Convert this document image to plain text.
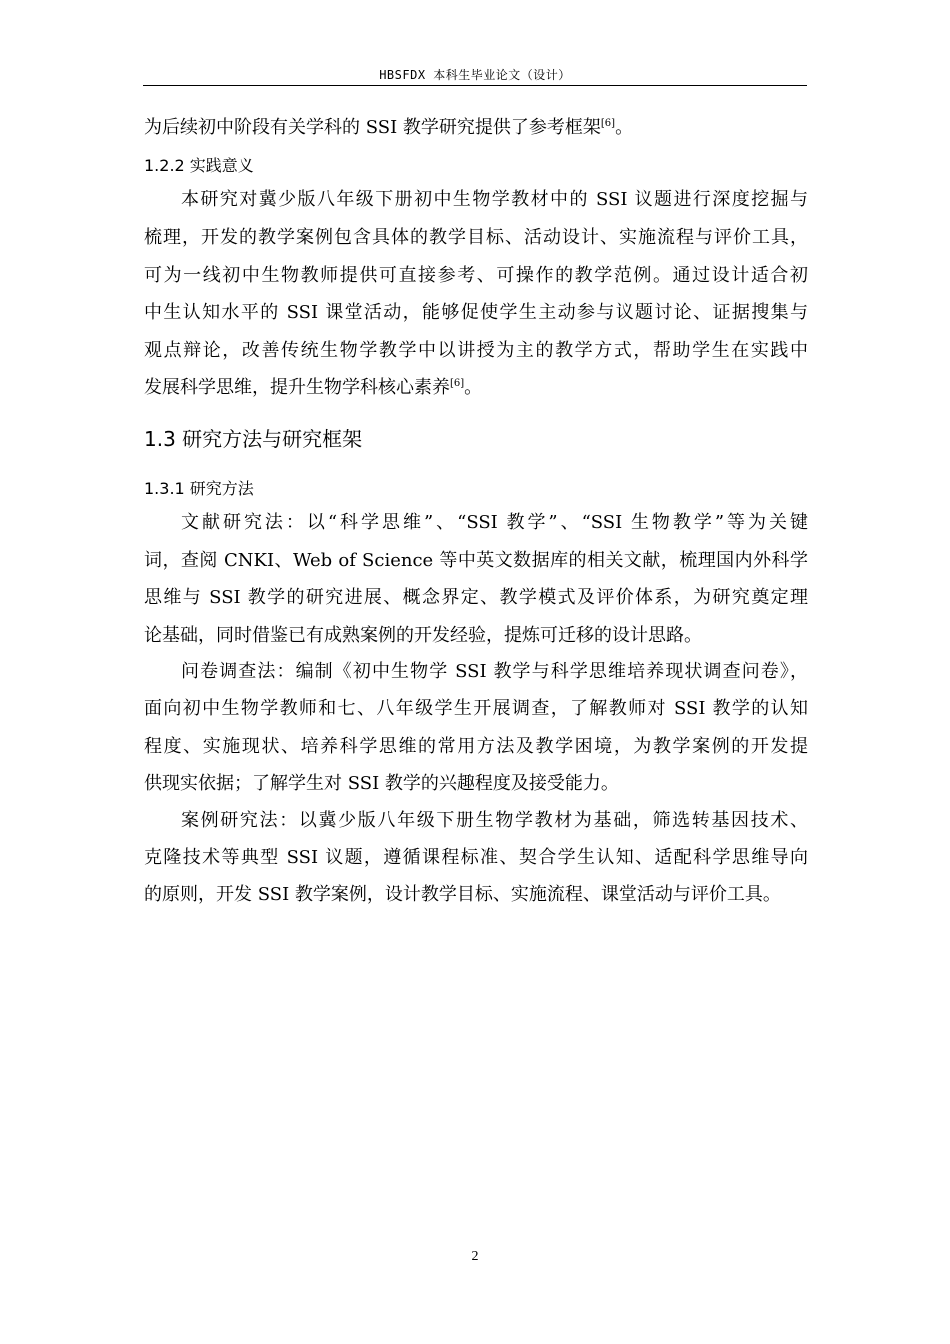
HBSFDX 本科生毕业论文（设计）
为后续初中阶段有关学科的 SSI 教学研究提供了参考框架[6]。
1.2.2 实践意义
本研究对冀少版八年级下册初中生物学教材中的 SSI 议题进行深度挖掘与
梳理，开发的教学案例包含具体的教学目标、活动设计、实施流程与评价工具，
可为一线初中生物教师提供可直接参考、可操作的教学范例。通过设计适合初
中生认知水平的 SSI 课堂活动，能够促使学生主动参与议题讨论、证据搜集与
观点辩论，改善传统生物学教学中以讲授为主的教学方式，帮助学生在实践中
发展科学思维，提升生物学科核心素养[6]。
1.3 研究方法与研究框架
1.3.1 研究方法
文献研究法：以“科学思维”、“SSI 教学”、“SSI 生物教学”等为关键
词，查阅 CNKI、Web of Science 等中英文数据库的相关文献，梳理国内外科学
思维与 SSI 教学的研究进展、概念界定、教学模式及评价体系，为研究奠定理
论基础，同时借鉴已有成熟案例的开发经验，提炼可迁移的设计思路。
问卷调查法：编制《初中生物学 SSI 教学与科学思维培养现状调查问卷》，
面向初中生物学教师和七、八年级学生开展调查，了解教师对 SSI 教学的认知
程度、实施现状、培养科学思维的常用方法及教学困境，为教学案例的开发提
供现实依据；了解学生对 SSI 教学的兴趣程度及接受能力。
案例研究法：以冀少版八年级下册生物学教材为基础，筛选转基因技术、
克隆技术等典型 SSI 议题，遵循课程标准、契合学生认知、适配科学思维导向
的原则，开发 SSI 教学案例，设计教学目标、实施流程、课堂活动与评价工具。
2
